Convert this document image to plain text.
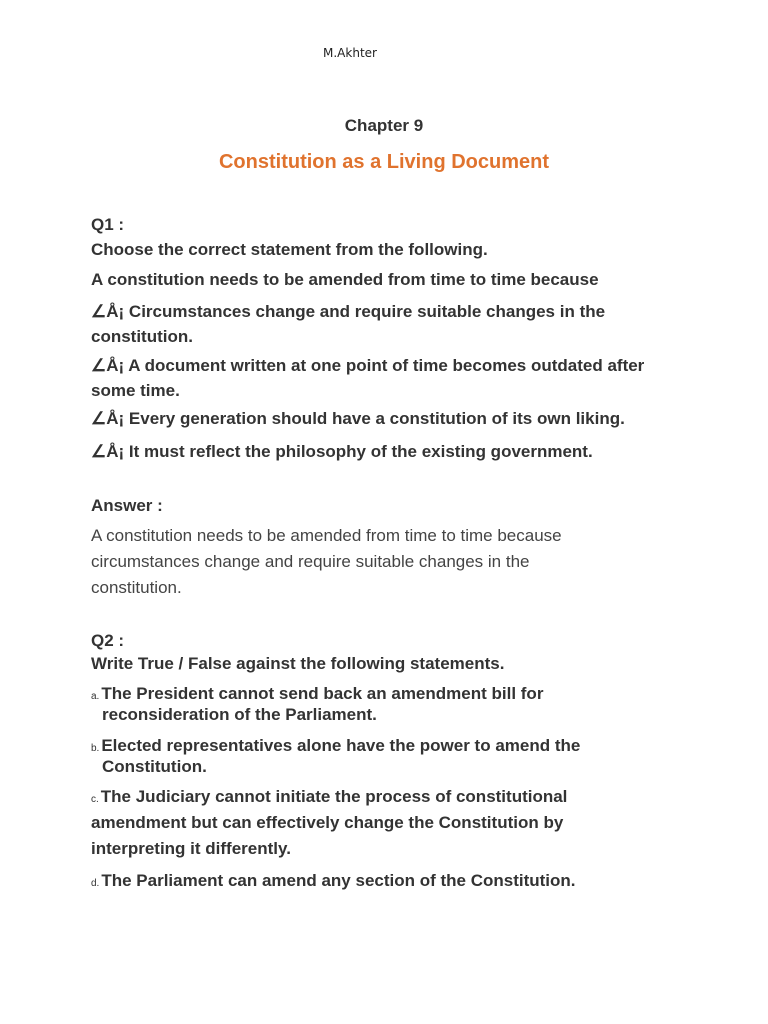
M.Akhter
Chapter 9
Constitution as a Living Document
Q1 :
Choose the correct statement from the following.
A constitution needs to be amended from time to time because
∠Å¡ Circumstances change and require suitable changes in the
constitution.
∠Å¡ A document written at one point of time becomes outdated after
some time.
∠Å¡ Every generation should have a constitution of its own liking.
∠Å¡ It must reflect the philosophy of the existing government.
Answer :
A constitution needs to be amended from time to time because
circumstances change and require suitable changes in the
constitution.
Q2 :
Write True / False against the following statements.
a. The President cannot send back an amendment bill for
reconsideration of the Parliament.
b. Elected representatives alone have the power to amend the
Constitution.
c. The Judiciary cannot initiate the process of constitutional
amendment but can effectively change the Constitution by
interpreting it differently.
d. The Parliament can amend any section of the Constitution.
